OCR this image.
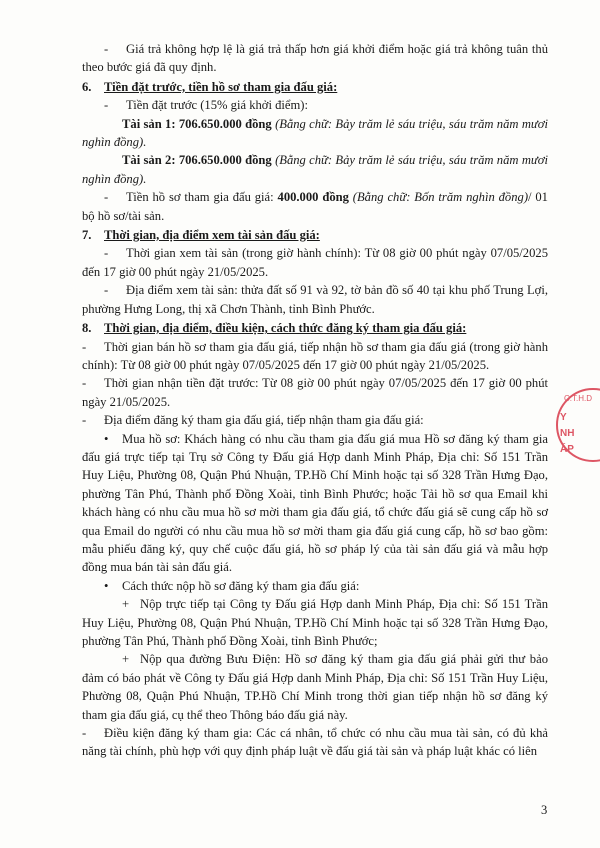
- Giá trả không hợp lệ là giá trả thấp hơn giá khởi điểm hoặc giá trả không tuân thủ theo bước giá đã quy định.

6. Tiền đặt trước, tiền hồ sơ tham gia đấu giá:

- Tiền đặt trước (15% giá khởi điểm):

Tài sản 1: 706.650.000 đồng (Bằng chữ: Bảy trăm lẻ sáu triệu, sáu trăm năm mươi nghìn đồng).

Tài sản 2: 706.650.000 đồng (Bằng chữ: Bảy trăm lẻ sáu triệu, sáu trăm năm mươi nghìn đồng).

- Tiền hồ sơ tham gia đấu giá: 400.000 đồng (Bằng chữ: Bốn trăm nghìn đồng)/ 01 bộ hồ sơ/tài sản.

7. Thời gian, địa điểm xem tài sản đấu giá:

- Thời gian xem tài sản (trong giờ hành chính): Từ 08 giờ 00 phút ngày 07/05/2025 đến 17 giờ 00 phút ngày 21/05/2025.

- Địa điểm xem tài sản: thửa đất số 91 và 92, tờ bản đồ số 40 tại khu phố Trung Lợi, phường Hưng Long, thị xã Chơn Thành, tỉnh Bình Phước.

8. Thời gian, địa điểm, điều kiện, cách thức đăng ký tham gia đấu giá:

- Thời gian bán hồ sơ tham gia đấu giá, tiếp nhận hồ sơ tham gia đấu giá (trong giờ hành chính): Từ 08 giờ 00 phút ngày 07/05/2025 đến 17 giờ 00 phút ngày 21/05/2025.

- Thời gian nhận tiền đặt trước: Từ 08 giờ 00 phút ngày 07/05/2025 đến 17 giờ 00 phút ngày 21/05/2025.

- Địa điểm đăng ký tham gia đấu giá, tiếp nhận tham gia đấu giá:

• Mua hồ sơ: Khách hàng có nhu cầu tham gia đấu giá mua Hồ sơ đăng ký tham gia đấu giá trực tiếp tại Trụ sở Công ty Đấu giá Hợp danh Minh Pháp, Địa chỉ: Số 151 Trần Huy Liệu, Phường 08, Quận Phú Nhuận, TP.Hồ Chí Minh hoặc tại số 328 Trần Hưng Đạo, phường Tân Phú, Thành phố Đồng Xoài, tỉnh Bình Phước; hoặc Tải hồ sơ qua Email khi khách hàng có nhu cầu mua hồ sơ mời tham gia đấu giá, tổ chức đấu giá sẽ cung cấp hồ sơ qua Email do người có nhu cầu mua hồ sơ mời tham gia đấu giá cung cấp, hồ sơ bao gồm: mẫu phiếu đăng ký, quy chế cuộc đấu giá, hồ sơ pháp lý của tài sản đấu giá và mẫu hợp đồng mua bán tài sản đấu giá.

• Cách thức nộp hồ sơ đăng ký tham gia đấu giá:

+ Nộp trực tiếp tại Công ty Đấu giá Hợp danh Minh Pháp, Địa chỉ: Số 151 Trần Huy Liệu, Phường 08, Quận Phú Nhuận, TP.Hồ Chí Minh hoặc tại số 328 Trần Hưng Đạo, phường Tân Phú, Thành phố Đồng Xoài, tỉnh Bình Phước;

+ Nộp qua đường Bưu Điện: Hồ sơ đăng ký tham gia đấu giá phải gửi thư bảo đảm có báo phát về Công ty Đấu giá Hợp danh Minh Pháp, Địa chỉ: Số 151 Trần Huy Liệu, Phường 08, Quận Phú Nhuận, TP.Hồ Chí Minh trong thời gian tiếp nhận hồ sơ đăng ký tham gia đấu giá, cụ thể theo Thông báo đấu giá này.

- Điều kiện đăng ký tham gia: Các cá nhân, tổ chức có nhu cầu mua tài sản, có đủ khả năng tài chính, phù hợp với quy định pháp luật về đấu giá tài sản và pháp luật khác có liên

C.T.H.D
Y
NH
ÁP
3
